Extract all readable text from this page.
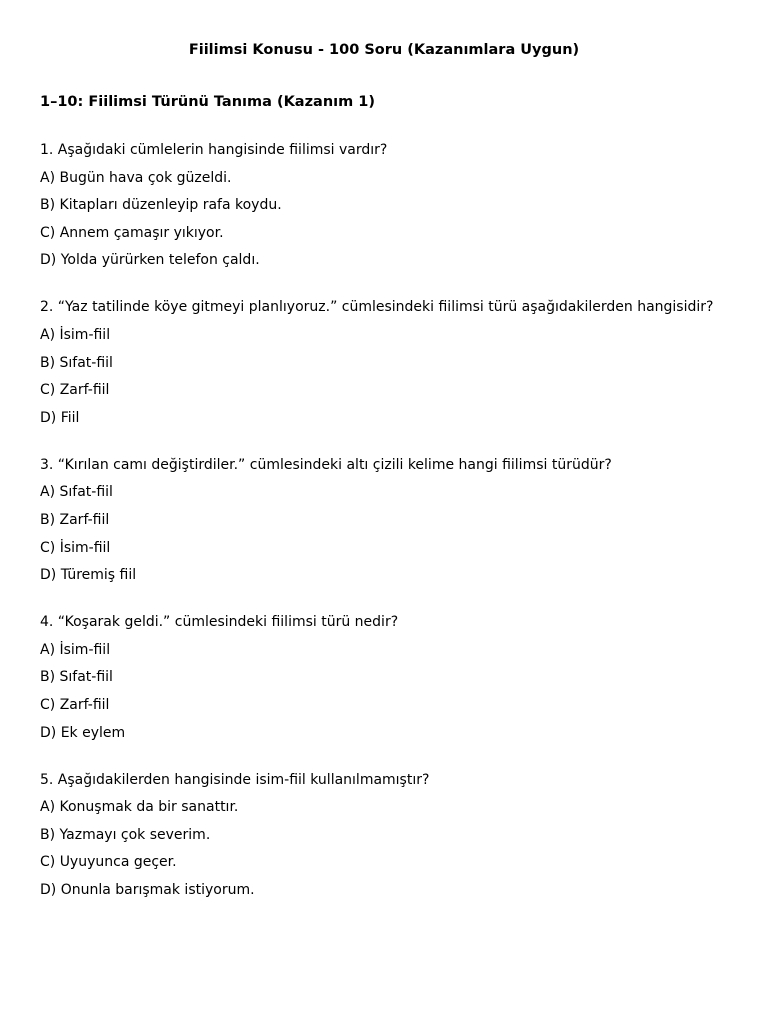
Fiilimsi Konusu - 100 Soru (Kazanımlara Uygun)
1–10: Fiilimsi Türünü Tanıma (Kazanım 1)
1. Aşağıdaki cümlelerin hangisinde fiilimsi vardır?
A) Bugün hava çok güzeldi.
B) Kitapları düzenleyip rafa koydu.
C) Annem çamaşır yıkıyor.
D) Yolda yürürken telefon çaldı.
2. “Yaz tatilinde köye gitmeyi planlıyoruz.” cümlesindeki fiilimsi türü aşağıdakilerden hangisidir?
A) İsim-fiil
B) Sıfat-fiil
C) Zarf-fiil
D) Fiil
3. “Kırılan camı değiştirdiler.” cümlesindeki altı çizili kelime hangi fiilimsi türüdür?
A) Sıfat-fiil
B) Zarf-fiil
C) İsim-fiil
D) Türemiş fiil
4. “Koşarak geldi.” cümlesindeki fiilimsi türü nedir?
A) İsim-fiil
B) Sıfat-fiil
C) Zarf-fiil
D) Ek eylem
5. Aşağıdakilerden hangisinde isim-fiil kullanılmamıştır?
A) Konuşmak da bir sanattır.
B) Yazmayı çok severim.
C) Uyuyunca geçer.
D) Onunla barışmak istiyorum.
